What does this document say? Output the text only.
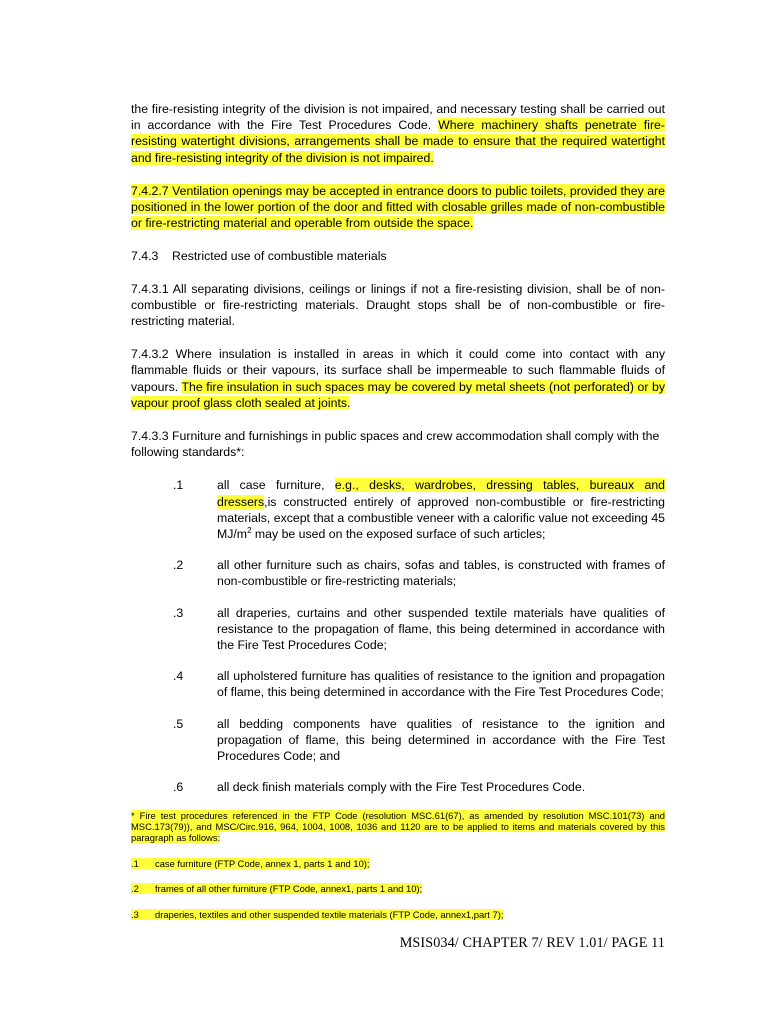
the fire-resisting integrity of the division is not impaired, and necessary testing shall be carried out in accordance with the Fire Test Procedures Code. Where machinery shafts penetrate fire-resisting watertight divisions, arrangements shall be made to ensure that the required watertight and fire-resisting integrity of the division is not impaired.

7.4.2.7 Ventilation openings may be accepted in entrance doors to public toilets, provided they are positioned in the lower portion of the door and fitted with closable grilles made of non-combustible or fire-restricting material and operable from outside the space.

7.4.3    Restricted use of combustible materials

7.4.3.1 All separating divisions, ceilings or linings if not a fire-resisting division, shall be of non-combustible or fire-restricting materials. Draught stops shall be of non-combustible or fire-restricting material.

7.4.3.2 Where insulation is installed in areas in which it could come into contact with any flammable fluids or their vapours, its surface shall be impermeable to such flammable fluids of vapours. The fire insulation in such spaces may be covered by metal sheets (not perforated) or by vapour proof glass cloth sealed at joints.

7.4.3.3 Furniture and furnishings in public spaces and crew accommodation shall comply with the following standards*:

.1	all case furniture, e.g., desks, wardrobes, dressing tables, bureaux and dressers,is constructed entirely of approved non-combustible or fire-restricting materials, except that a combustible veneer with a calorific value not exceeding 45 $MJ/m^2$ may be used on the exposed surface of such articles;
.2	all other furniture such as chairs, sofas and tables, is constructed with frames of non-combustible or fire-restricting materials;
.3	all draperies, curtains and other suspended textile materials have qualities of resistance to the propagation of flame, this being determined in accordance with the Fire Test Procedures Code;
.4	all upholstered furniture has qualities of resistance to the ignition and propagation of flame, this being determined in accordance with the Fire Test Procedures Code;
.5	all bedding components have qualities of resistance to the ignition and propagation of flame, this being determined in accordance with the Fire Test Procedures Code; and
.6	all deck finish materials comply with the Fire Test Procedures Code.

* Fire test procedures referenced in the FTP Code (resolution MSC.61(67), as amended by resolution MSC.101(73) and MSC.173(79)), and MSC/Circ.916, 964, 1004, 1008, 1036 and 1120 are to be applied to items and materials covered by this paragraph as follows:

.1 case furniture (FTP Code, annex 1, parts 1 and 10);
.2 frames of all other furniture (FTP Code, annex1, parts 1 and 10);
.3 draperies, textiles and other suspended textile materials (FTP Code, annex1,part 7);
MSIS034/ CHAPTER 7/ REV 1.01/ PAGE 11
